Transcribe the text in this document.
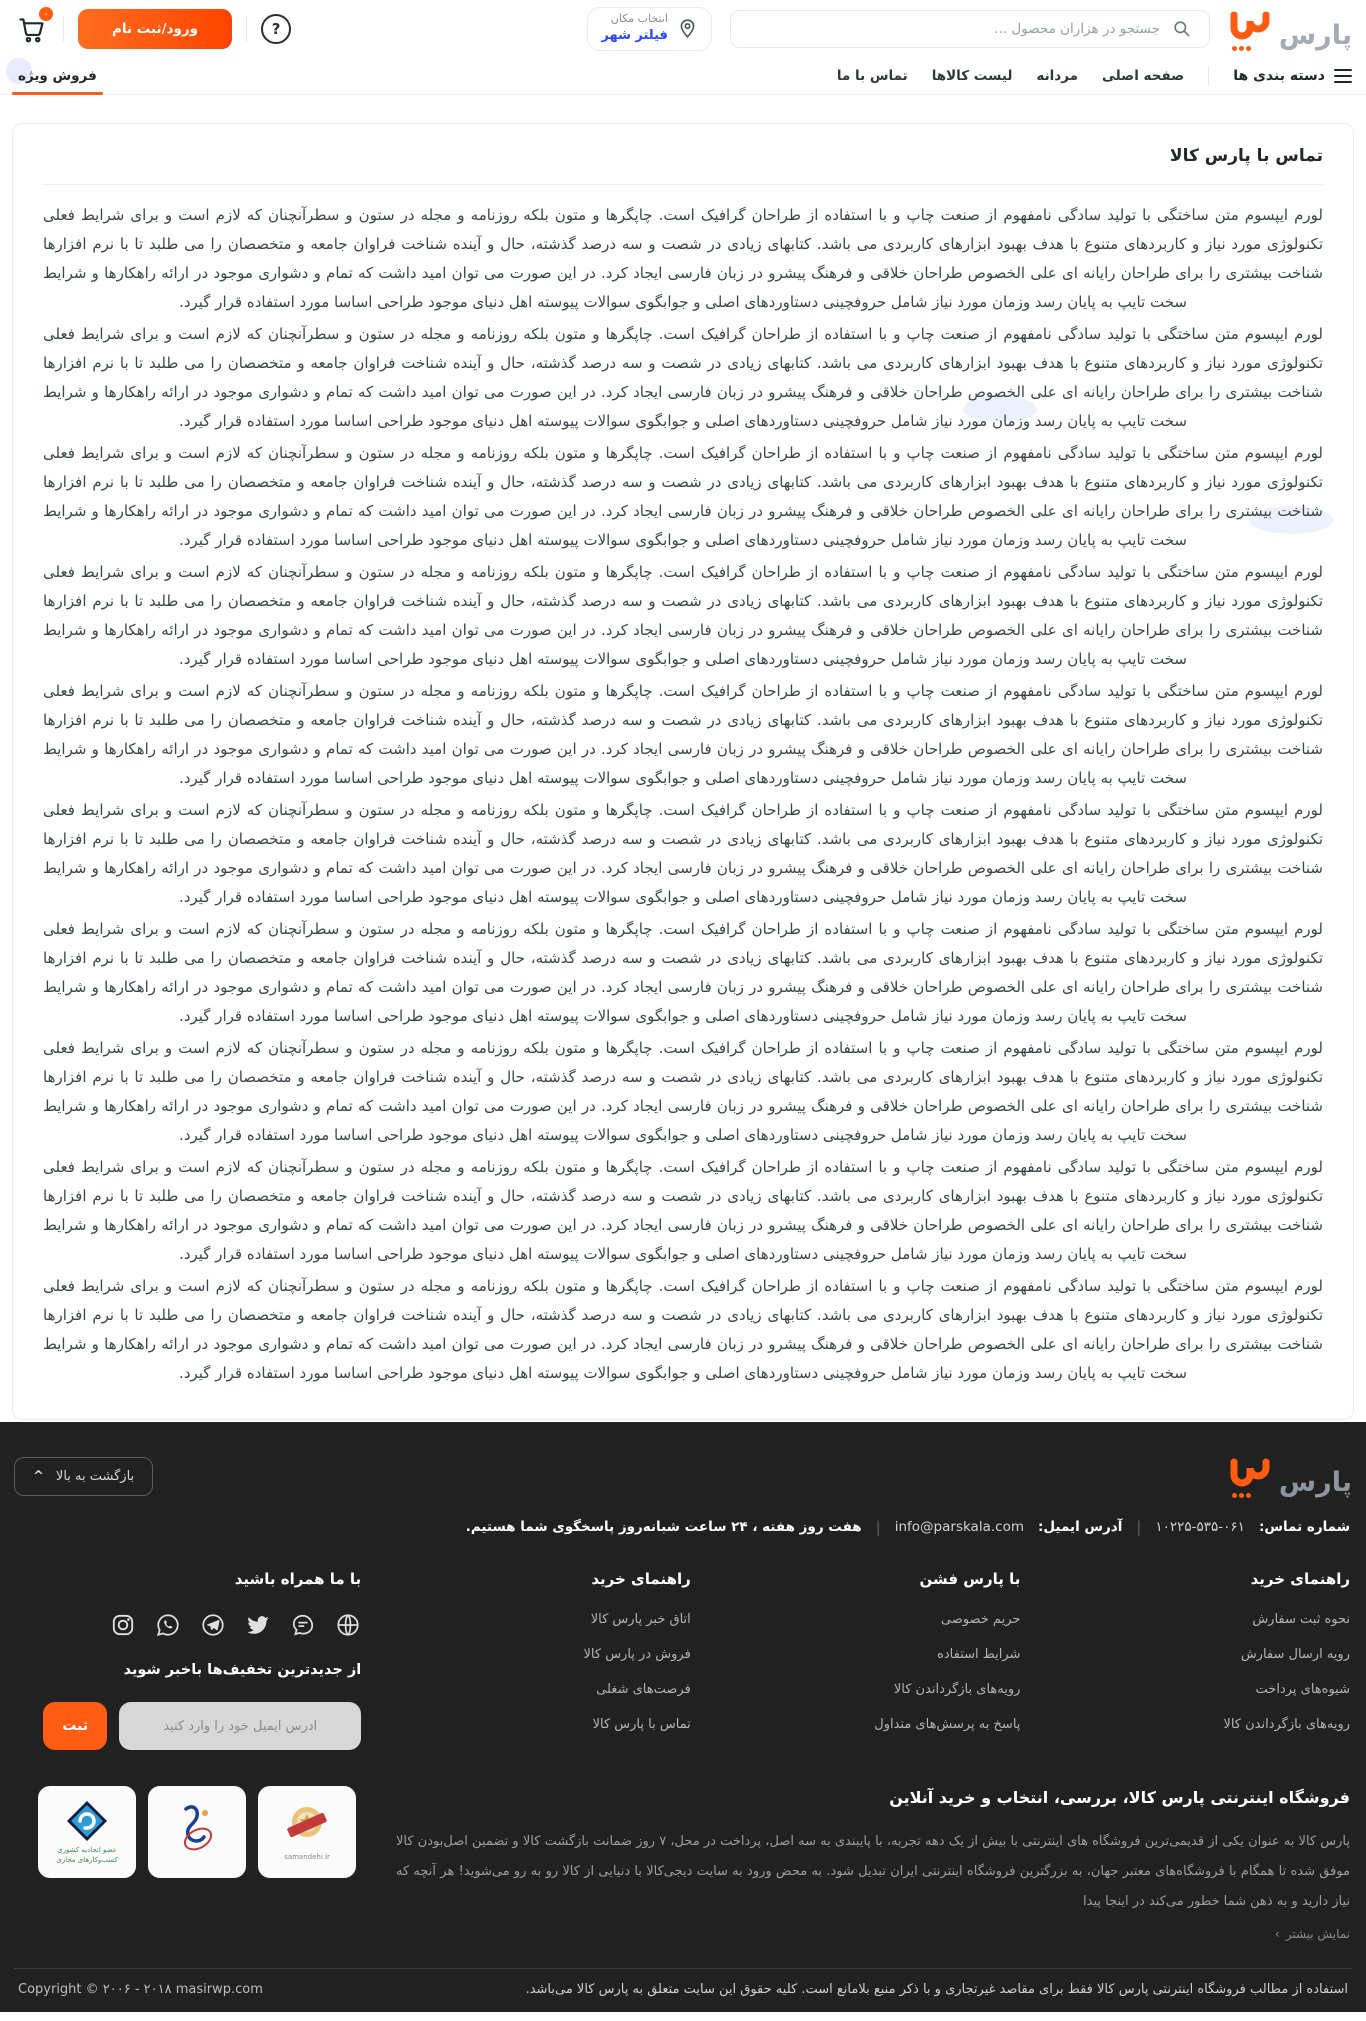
پارس
جستجو در هزاران محصول ...
انتخاب مکان
فیلتر شهر
?
ورود/ثبت نام
۰
دسته بندی ها
صفحه اصلی
مردانه
لیست کالاها
تماس با ما
فروش ویژه
تماس با پارس کالا

لورم ایپسوم متن ساختگی با تولید سادگی نامفهوم از صنعت چاپ و با استفاده از طراحان گرافیک است. چاپگرها و متون بلکه روزنامه و مجله در ستون و سطرآنچنان که لازم است و برای شرایط فعلی تکنولوژی مورد نیاز و کاربردهای متنوع با هدف بهبود ابزارهای کاربردی می باشد. کتابهای زیادی در شصت و سه درصد گذشته، حال و آینده شناخت فراوان جامعه و متخصصان را می طلبد تا با نرم افزارها شناخت بیشتری را برای طراحان رایانه ای علی الخصوص طراحان خلاقی و فرهنگ پیشرو در زبان فارسی ایجاد کرد. در این صورت می توان امید داشت که تمام و دشواری موجود در ارائه راهکارها و شرایط سخت تایپ به پایان رسد وزمان مورد نیاز شامل حروفچینی دستاوردهای اصلی و جوابگوی سوالات پیوسته اهل دنیای موجود طراحی اساسا مورد استفاده قرار گیرد.

لورم ایپسوم متن ساختگی با تولید سادگی نامفهوم از صنعت چاپ و با استفاده از طراحان گرافیک است. چاپگرها و متون بلکه روزنامه و مجله در ستون و سطرآنچنان که لازم است و برای شرایط فعلی تکنولوژی مورد نیاز و کاربردهای متنوع با هدف بهبود ابزارهای کاربردی می باشد. کتابهای زیادی در شصت و سه درصد گذشته، حال و آینده شناخت فراوان جامعه و متخصصان را می طلبد تا با نرم افزارها شناخت بیشتری را برای طراحان رایانه ای علی الخصوص طراحان خلاقی و فرهنگ پیشرو در زبان فارسی ایجاد کرد. در این صورت می توان امید داشت که تمام و دشواری موجود در ارائه راهکارها و شرایط سخت تایپ به پایان رسد وزمان مورد نیاز شامل حروفچینی دستاوردهای اصلی و جوابگوی سوالات پیوسته اهل دنیای موجود طراحی اساسا مورد استفاده قرار گیرد.

لورم ایپسوم متن ساختگی با تولید سادگی نامفهوم از صنعت چاپ و با استفاده از طراحان گرافیک است. چاپگرها و متون بلکه روزنامه و مجله در ستون و سطرآنچنان که لازم است و برای شرایط فعلی تکنولوژی مورد نیاز و کاربردهای متنوع با هدف بهبود ابزارهای کاربردی می باشد. کتابهای زیادی در شصت و سه درصد گذشته، حال و آینده شناخت فراوان جامعه و متخصصان را می طلبد تا با نرم افزارها شناخت بیشتری را برای طراحان رایانه ای علی الخصوص طراحان خلاقی و فرهنگ پیشرو در زبان فارسی ایجاد کرد. در این صورت می توان امید داشت که تمام و دشواری موجود در ارائه راهکارها و شرایط سخت تایپ به پایان رسد وزمان مورد نیاز شامل حروفچینی دستاوردهای اصلی و جوابگوی سوالات پیوسته اهل دنیای موجود طراحی اساسا مورد استفاده قرار گیرد.

لورم ایپسوم متن ساختگی با تولید سادگی نامفهوم از صنعت چاپ و با استفاده از طراحان گرافیک است. چاپگرها و متون بلکه روزنامه و مجله در ستون و سطرآنچنان که لازم است و برای شرایط فعلی تکنولوژی مورد نیاز و کاربردهای متنوع با هدف بهبود ابزارهای کاربردی می باشد. کتابهای زیادی در شصت و سه درصد گذشته، حال و آینده شناخت فراوان جامعه و متخصصان را می طلبد تا با نرم افزارها شناخت بیشتری را برای طراحان رایانه ای علی الخصوص طراحان خلاقی و فرهنگ پیشرو در زبان فارسی ایجاد کرد. در این صورت می توان امید داشت که تمام و دشواری موجود در ارائه راهکارها و شرایط سخت تایپ به پایان رسد وزمان مورد نیاز شامل حروفچینی دستاوردهای اصلی و جوابگوی سوالات پیوسته اهل دنیای موجود طراحی اساسا مورد استفاده قرار گیرد.

لورم ایپسوم متن ساختگی با تولید سادگی نامفهوم از صنعت چاپ و با استفاده از طراحان گرافیک است. چاپگرها و متون بلکه روزنامه و مجله در ستون و سطرآنچنان که لازم است و برای شرایط فعلی تکنولوژی مورد نیاز و کاربردهای متنوع با هدف بهبود ابزارهای کاربردی می باشد. کتابهای زیادی در شصت و سه درصد گذشته، حال و آینده شناخت فراوان جامعه و متخصصان را می طلبد تا با نرم افزارها شناخت بیشتری را برای طراحان رایانه ای علی الخصوص طراحان خلاقی و فرهنگ پیشرو در زبان فارسی ایجاد کرد. در این صورت می توان امید داشت که تمام و دشواری موجود در ارائه راهکارها و شرایط سخت تایپ به پایان رسد وزمان مورد نیاز شامل حروفچینی دستاوردهای اصلی و جوابگوی سوالات پیوسته اهل دنیای موجود طراحی اساسا مورد استفاده قرار گیرد.

لورم ایپسوم متن ساختگی با تولید سادگی نامفهوم از صنعت چاپ و با استفاده از طراحان گرافیک است. چاپگرها و متون بلکه روزنامه و مجله در ستون و سطرآنچنان که لازم است و برای شرایط فعلی تکنولوژی مورد نیاز و کاربردهای متنوع با هدف بهبود ابزارهای کاربردی می باشد. کتابهای زیادی در شصت و سه درصد گذشته، حال و آینده شناخت فراوان جامعه و متخصصان را می طلبد تا با نرم افزارها شناخت بیشتری را برای طراحان رایانه ای علی الخصوص طراحان خلاقی و فرهنگ پیشرو در زبان فارسی ایجاد کرد. در این صورت می توان امید داشت که تمام و دشواری موجود در ارائه راهکارها و شرایط سخت تایپ به پایان رسد وزمان مورد نیاز شامل حروفچینی دستاوردهای اصلی و جوابگوی سوالات پیوسته اهل دنیای موجود طراحی اساسا مورد استفاده قرار گیرد.

لورم ایپسوم متن ساختگی با تولید سادگی نامفهوم از صنعت چاپ و با استفاده از طراحان گرافیک است. چاپگرها و متون بلکه روزنامه و مجله در ستون و سطرآنچنان که لازم است و برای شرایط فعلی تکنولوژی مورد نیاز و کاربردهای متنوع با هدف بهبود ابزارهای کاربردی می باشد. کتابهای زیادی در شصت و سه درصد گذشته، حال و آینده شناخت فراوان جامعه و متخصصان را می طلبد تا با نرم افزارها شناخت بیشتری را برای طراحان رایانه ای علی الخصوص طراحان خلاقی و فرهنگ پیشرو در زبان فارسی ایجاد کرد. در این صورت می توان امید داشت که تمام و دشواری موجود در ارائه راهکارها و شرایط سخت تایپ به پایان رسد وزمان مورد نیاز شامل حروفچینی دستاوردهای اصلی و جوابگوی سوالات پیوسته اهل دنیای موجود طراحی اساسا مورد استفاده قرار گیرد.

لورم ایپسوم متن ساختگی با تولید سادگی نامفهوم از صنعت چاپ و با استفاده از طراحان گرافیک است. چاپگرها و متون بلکه روزنامه و مجله در ستون و سطرآنچنان که لازم است و برای شرایط فعلی تکنولوژی مورد نیاز و کاربردهای متنوع با هدف بهبود ابزارهای کاربردی می باشد. کتابهای زیادی در شصت و سه درصد گذشته، حال و آینده شناخت فراوان جامعه و متخصصان را می طلبد تا با نرم افزارها شناخت بیشتری را برای طراحان رایانه ای علی الخصوص طراحان خلاقی و فرهنگ پیشرو در زبان فارسی ایجاد کرد. در این صورت می توان امید داشت که تمام و دشواری موجود در ارائه راهکارها و شرایط سخت تایپ به پایان رسد وزمان مورد نیاز شامل حروفچینی دستاوردهای اصلی و جوابگوی سوالات پیوسته اهل دنیای موجود طراحی اساسا مورد استفاده قرار گیرد.

لورم ایپسوم متن ساختگی با تولید سادگی نامفهوم از صنعت چاپ و با استفاده از طراحان گرافیک است. چاپگرها و متون بلکه روزنامه و مجله در ستون و سطرآنچنان که لازم است و برای شرایط فعلی تکنولوژی مورد نیاز و کاربردهای متنوع با هدف بهبود ابزارهای کاربردی می باشد. کتابهای زیادی در شصت و سه درصد گذشته، حال و آینده شناخت فراوان جامعه و متخصصان را می طلبد تا با نرم افزارها شناخت بیشتری را برای طراحان رایانه ای علی الخصوص طراحان خلاقی و فرهنگ پیشرو در زبان فارسی ایجاد کرد. در این صورت می توان امید داشت که تمام و دشواری موجود در ارائه راهکارها و شرایط سخت تایپ به پایان رسد وزمان مورد نیاز شامل حروفچینی دستاوردهای اصلی و جوابگوی سوالات پیوسته اهل دنیای موجود طراحی اساسا مورد استفاده قرار گیرد.

لورم ایپسوم متن ساختگی با تولید سادگی نامفهوم از صنعت چاپ و با استفاده از طراحان گرافیک است. چاپگرها و متون بلکه روزنامه و مجله در ستون و سطرآنچنان که لازم است و برای شرایط فعلی تکنولوژی مورد نیاز و کاربردهای متنوع با هدف بهبود ابزارهای کاربردی می باشد. کتابهای زیادی در شصت و سه درصد گذشته، حال و آینده شناخت فراوان جامعه و متخصصان را می طلبد تا با نرم افزارها شناخت بیشتری را برای طراحان رایانه ای علی الخصوص طراحان خلاقی و فرهنگ پیشرو در زبان فارسی ایجاد کرد. در این صورت می توان امید داشت که تمام و دشواری موجود در ارائه راهکارها و شرایط سخت تایپ به پایان رسد وزمان مورد نیاز شامل حروفچینی دستاوردهای اصلی و جوابگوی سوالات پیوسته اهل دنیای موجود طراحی اساسا مورد استفاده قرار گیرد.

پارس
بازگشت به بالا
^
شماره تماس:
۱۰۲۲۵-۵۳۵-۰۶۱
|
آدرس ایمیل:
info@parskala.com
|
هفت روز هفته ، ۲۴ ساعت شبانه‌روز پاسخگوی شما هستیم.
راهنمای خرید
نحوه ثبت سفارش
رویه ارسال سفارش
شیوه‌های پرداخت
رویه‌های بازگرداندن کالا
با پارس فشن
حریم خصوصی
شرایط استفاده
رویه‌های بازگرداندن کالا
پاسخ به پرسش‌های متداول
راهنمای خرید
اتاق خبر پارس کالا
فروش در پارس کالا
فرصت‌های شغلی
تماس با پارس کالا
با ما همراه باشید

از جدیدترین تخفیف‌ها باخبر شوید

آدرس ایمیل خود را وارد کنید
ثبت
فروشگاه اینترنتی پارس کالا، بررسی، انتخاب و خرید آنلاین

پارس کالا به عنوان یکی از قدیمی‌ترین فروشگاه های اینترنتی با بیش از یک دهه تجربه، با پایبندی به سه اصل، پرداخت در محل، ۷ روز ضمانت بازگشت کالا و تضمین اصل‌بودن کالا موفق شده تا همگام با فروشگاه‌های معتبر جهان، به بزرگترین فروشگاه اینترنتی ایران تبدیل شود. به محض ورود به سایت دیجی‌کالا با دنیایی از کالا رو به رو می‌شوید! هر آنچه که نیاز دارید و به ذهن شما خطور می‌کند در اینجا پیدا

نمایش بیشتر
›
samandehi.ir
عضو اتحادیه کشوری کسب‌وکارهای مجازی
استفاده از مطالب فروشگاه اینترنتی پارس کالا فقط برای مقاصد غیرتجاری و با ذکر منبع بلامانع است. کلیه حقوق این سایت متعلق به پارس کالا می‌باشد.
Copyright © ۲۰۰۶ - ۲۰۱۸ masirwp.com
